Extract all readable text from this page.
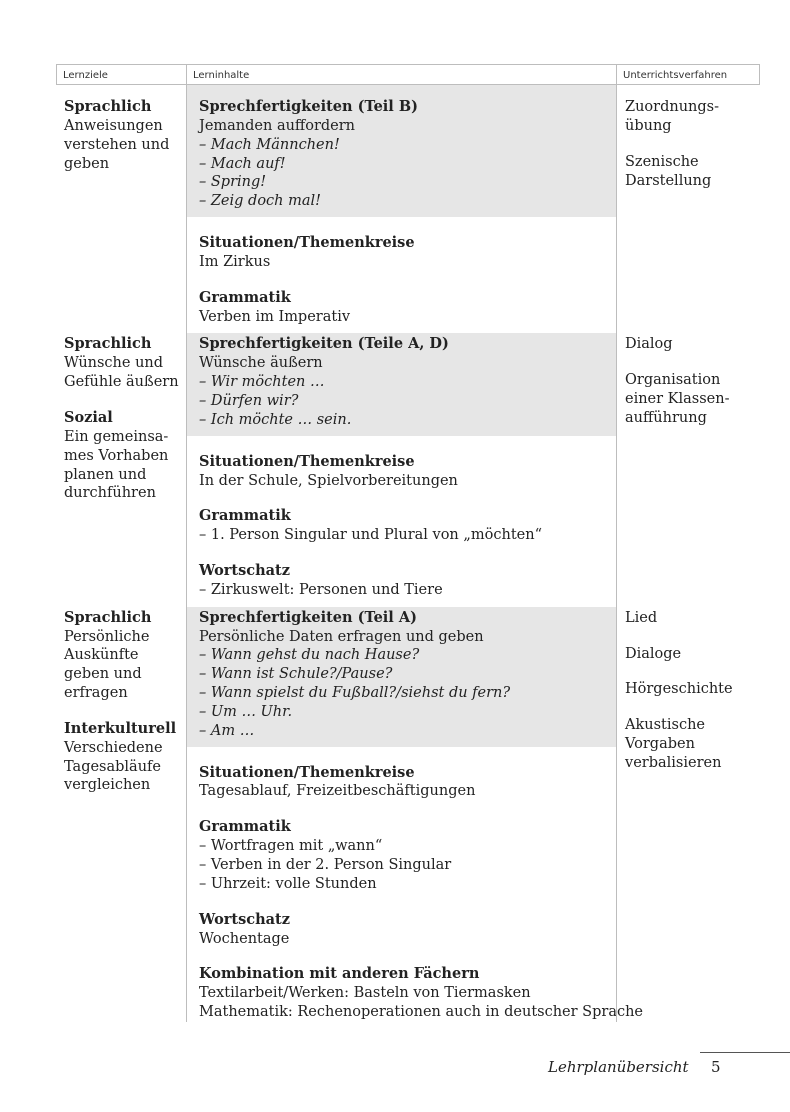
Lernziele	Lerninhalte	Unterrichtsverfahren
Sprachlich
Anweisungen
verstehen und
geben
Sprechfertigkeiten (Teil B)
Jemanden auffordern
– Mach Männchen!
– Mach auf!
– Spring!
– Zeig doch mal!
Situationen/Themenkreise
Im Zirkus
Grammatik
Verben im Imperativ
Zuordnungs-
übung
Szenische
Darstellung
Sprachlich
Wünsche und
Gefühle äußern
Sozial
Ein gemeinsa-
mes Vorhaben
planen und
durchführen
Sprechfertigkeiten (Teile A, D)
Wünsche äußern
– Wir möchten …
– Dürfen wir?
– Ich möchte … sein.
Situationen/Themenkreise
In der Schule, Spielvorbereitungen
Grammatik
– 1. Person Singular und Plural von „möchten“
Wortschatz
– Zirkuswelt: Personen und Tiere
Dialog
Organisation
einer Klassen-
aufführung
Sprachlich
Persönliche
Auskünfte
geben und
erfragen
Interkulturell
Verschiedene
Tagesabläufe
vergleichen
Sprechfertigkeiten (Teil A)
Persönliche Daten erfragen und geben
– Wann gehst du nach Hause?
– Wann ist Schule?/Pause?
– Wann spielst du Fußball?/siehst du fern?
– Um … Uhr.
– Am …
Situationen/Themenkreise
Tagesablauf, Freizeitbeschäftigungen
Grammatik
– Wortfragen mit „wann“
– Verben in der 2. Person Singular
– Uhrzeit: volle Stunden
Wortschatz
Wochentage
Kombination mit anderen Fächern
Textilarbeit/Werken: Basteln von Tiermasken
Mathematik: Rechenoperationen auch in deutscher Sprache
Lied
Dialoge
Hörgeschichte
Akustische
Vorgaben
verbalisieren
Lehrplanübersicht 5
